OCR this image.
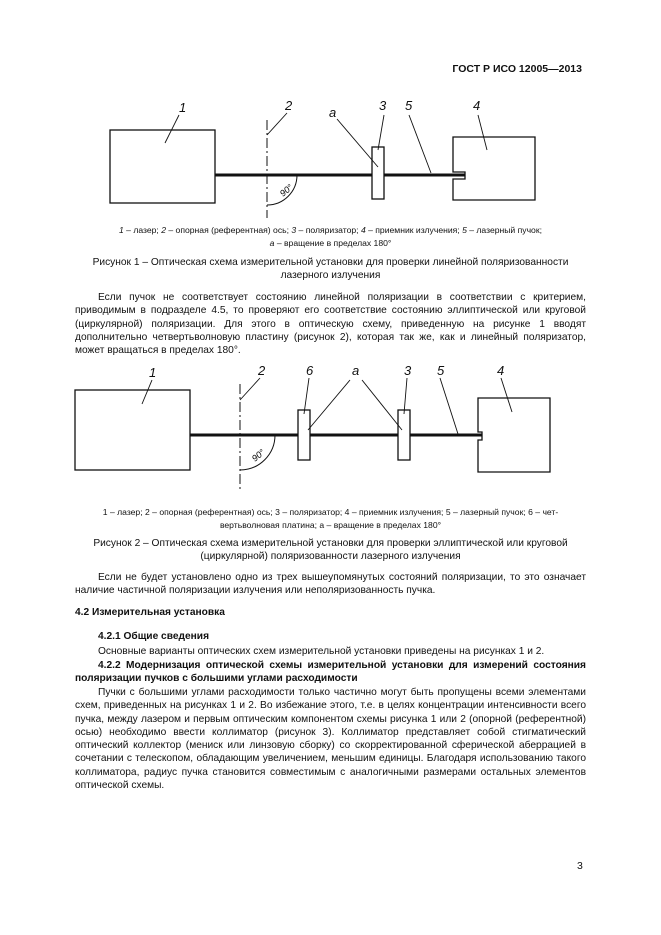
ГОСТ Р ИСО 12005—2013
90°
1	2	a	3 5	4
1 – лазер; 2 – опорная (референтная) ось; 3 – поляризатор; 4 – приемник излучения; 5 – лазерный пучок;
a – вращение в пределах 180°
Рисунок 1 – Оптическая схема измерительной установки для проверки линейной поляризованности
лазерного излучения
Если пучок не соответствует состоянию линейной поляризации в соответствии с критерием, приводимым в подразделе 4.5, то проверяют его соответствие состоянию эллиптической или круговой (циркулярной) поляризации. Для этого в оптическую схему, приведенную на рисунке 1 вводят дополнительно четвертьволновую пластину (рисунок 2), которая так же, как и линейный поляризатор, может вращаться в пределах 180°.
90°
1	2	6	a	3 5	4
1 – лазер; 2 – опорная (референтная) ось; 3 – поляризатор; 4 – приемник излучения; 5 – лазерный пучок; 6 – чет-
вертьволновая платина; a – вращение в пределах 180°
Рисунок 2 – Оптическая схема измерительной установки для проверки эллиптической или круговой
(циркулярной) поляризованности лазерного излучения
Если не будет установлено одно из трех вышеупомянутых состояний поляризации, то это означает наличие частичной поляризации излучения или неполяризованность пучка.
4.2 Измерительная установка
4.2.1 Общие сведения
Основные варианты оптических схем измерительной установки приведены на рисунках 1 и 2.
4.2.2 Модернизация оптической схемы измерительной установки для измерений состояния поляризации пучков с большими углами расходимости
Пучки с большими углами расходимости только частично могут быть пропущены всеми элементами схем, приведенных на рисунках 1 и 2. Во избежание этого, т.е. в целях концентрации интенсивности всего пучка, между лазером и первым оптическим компонентом схемы рисунка 1 или 2 (опорной (референтной) осью) необходимо ввести коллиматор (рисунок 3). Коллиматор представляет собой стигматический оптический коллектор (мениск или линзовую сборку) со скорректированной сферической аберрацией в сочетании с телескопом, обладающим увеличением, меньшим единицы. Благодаря использованию такого коллиматора, радиус пучка становится совместимым с аналогичными размерами остальных элементов оптической схемы.
3
